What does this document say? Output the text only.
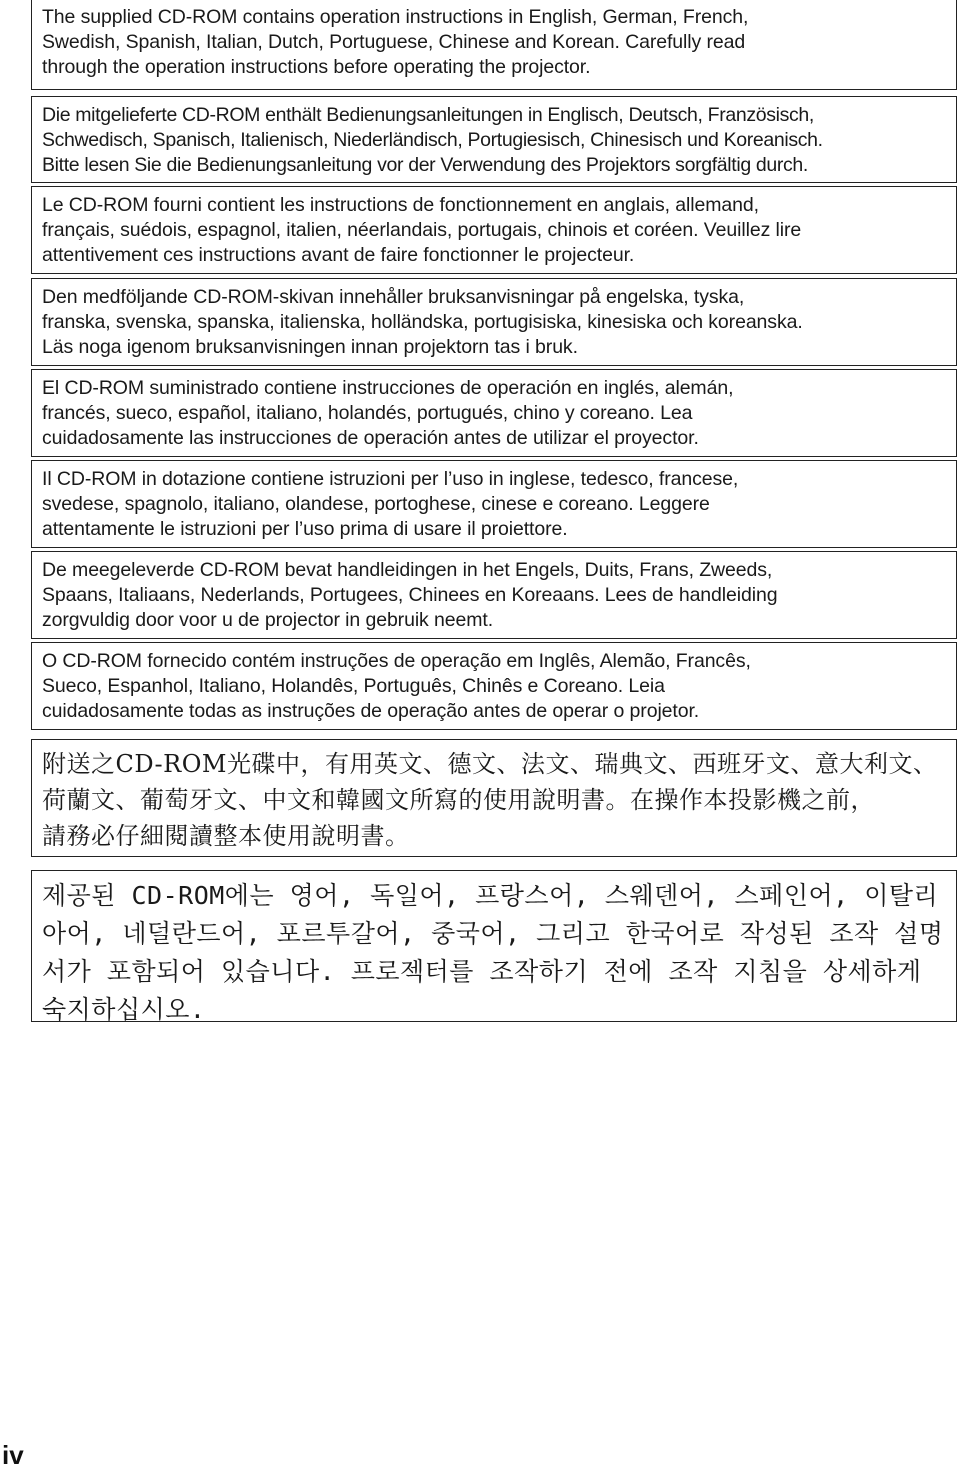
The supplied CD-ROM contains operation instructions in English, German, French,
Swedish, Spanish, Italian, Dutch, Portuguese, Chinese and Korean. Carefully read
through the operation instructions before operating the projector.

Die mitgelieferte CD-ROM enthält Bedienungsanleitungen in Englisch, Deutsch, Französisch,
Schwedisch, Spanisch, Italienisch, Niederländisch, Portugiesisch, Chinesisch und Koreanisch.
Bitte lesen Sie die Bedienungsanleitung vor der Verwendung des Projektors sorgfältig durch.

Le CD-ROM fourni contient les instructions de fonctionnement en anglais, allemand,
français, suédois, espagnol, italien, néerlandais, portugais, chinois et coréen. Veuillez lire
attentivement ces instructions avant de faire fonctionner le projecteur.

Den medföljande CD-ROM-skivan innehåller bruksanvisningar på engelska, tyska,
franska, svenska, spanska, italienska, holländska, portugisiska, kinesiska och koreanska.
Läs noga igenom bruksanvisningen innan projektorn tas i bruk.

El CD-ROM suministrado contiene instrucciones de operación en inglés, alemán,
francés, sueco, español, italiano, holandés, portugués, chino y coreano. Lea
cuidadosamente las instrucciones de operación antes de utilizar el proyector.

Il CD-ROM in dotazione contiene istruzioni per l’uso in inglese, tedesco, francese,
svedese, spagnolo, italiano, olandese, portoghese, cinese e coreano. Leggere
attentamente le istruzioni per l’uso prima di usare il proiettore.

De meegeleverde CD-ROM bevat handleidingen in het Engels, Duits, Frans, Zweeds,
Spaans, Italiaans, Nederlands, Portugees, Chinees en Koreaans. Lees de handleiding
zorgvuldig door voor u de projector in gebruik neemt.

O CD-ROM fornecido contém instruções de operação em Inglês, Alemão, Francês,
Sueco, Espanhol, Italiano, Holandês, Português, Chinês e Coreano. Leia
cuidadosamente todas as instruções de operação antes de operar o projetor.

附送之CD-ROM光碟中，有用英文、德文、法文、瑞典文、西班牙文、意大利文、
荷蘭文、葡萄牙文、中文和韓國文所寫的使用說明書。在操作本投影機之前，
請務必仔細閱讀整本使用說明書。

제공된 CD-ROM에는 영어, 독일어, 프랑스어, 스웨덴어, 스페인어, 이탈리
아어, 네덜란드어, 포르투갈어, 중국어, 그리고 한국어로 작성된 조작 설명
서가 포함되어 있습니다. 프로젝터를 조작하기 전에 조작 지침을 상세하게
숙지하십시오.

iv
